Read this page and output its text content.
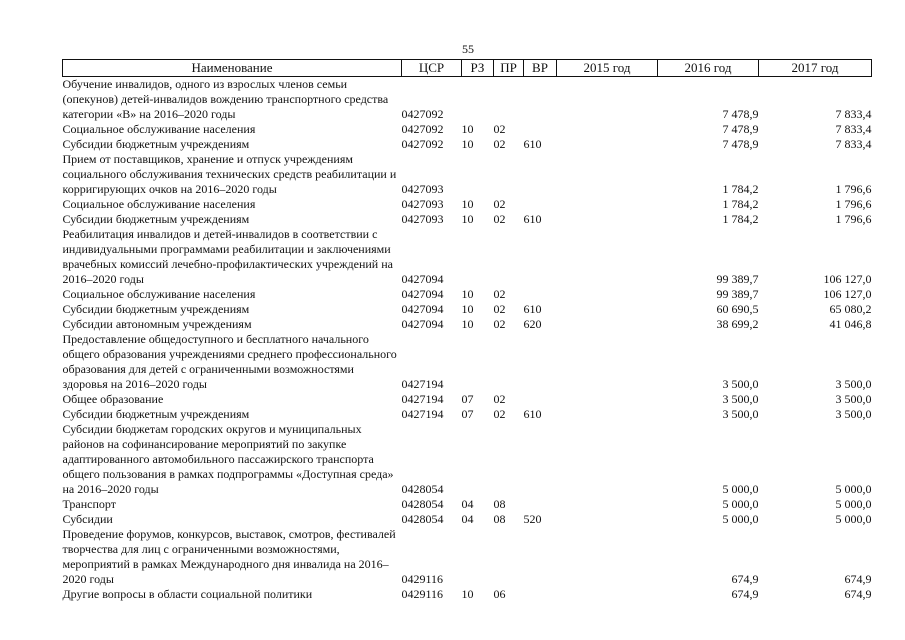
55
Наименование	ЦСР	РЗ	ПР	ВР	2015 год	2016 год	2017 год

Обучение инвалидов, одного из взрослых членов семьи (опекунов) детей-инвалидов вождению транспортного средства категории «В» на 2016–2020 годы	0427092					7 478,9	7 833,4

Социальное обслуживание населения	0427092	10	02			7 478,9	7 833,4

Субсидии бюджетным учреждениям	0427092	10	02	610		7 478,9	7 833,4

Прием от поставщиков, хранение и отпуск учреждениям социального обслуживания технических средств реабилитации и корригирующих очков на 2016–2020 годы	0427093					1 784,2	1 796,6

Социальное обслуживание населения	0427093	10	02			1 784,2	1 796,6

Субсидии бюджетным учреждениям	0427093	10	02	610		1 784,2	1 796,6

Реабилитация инвалидов и детей-инвалидов в соответствии с индивидуальными программами реабилитации и заключениями врачебных комиссий лечебно-профилактических учреждений на 2016–2020 годы	0427094					99 389,7	106 127,0

Социальное обслуживание населения	0427094	10	02			99 389,7	106 127,0

Субсидии бюджетным учреждениям	0427094	10	02	610		60 690,5	65 080,2

Субсидии автономным учреждениям	0427094	10	02	620		38 699,2	41 046,8

Предоставление общедоступного и бесплатного начального общего образования учреждениями среднего профессионального образования для детей с ограниченными возможностями здоровья на 2016–2020 годы	0427194					3 500,0	3 500,0

Общее образование	0427194	07	02			3 500,0	3 500,0

Субсидии бюджетным учреждениям	0427194	07	02	610		3 500,0	3 500,0

Субсидии бюджетам городских округов и муниципальных районов на софинансирование мероприятий по закупке адаптированного автомобильного пассажирского транспорта общего пользования в рамках подпрограммы «Доступная среда» на 2016–2020 годы	0428054					5 000,0	5 000,0

Транспорт	0428054	04	08			5 000,0	5 000,0

Субсидии	0428054	04	08	520		5 000,0	5 000,0

Проведение форумов, конкурсов, выставок, смотров, фестивалей творчества для лиц с ограниченными возможностями, мероприятий в рамках Международного дня инвалида на 2016–2020 годы	0429116					674,9	674,9

Другие вопросы в области социальной политики	0429116	10	06			674,9	674,9
